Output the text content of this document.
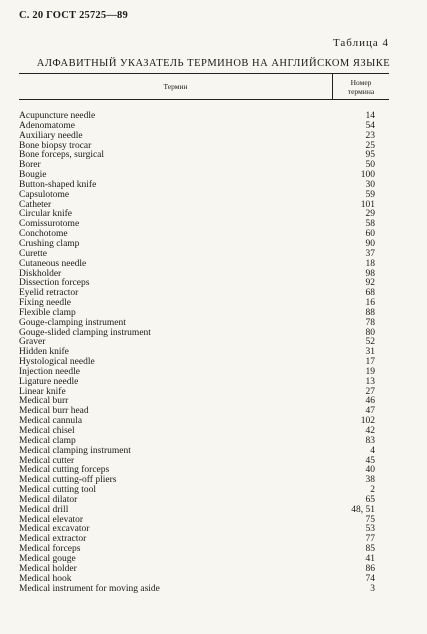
С. 20 ГОСТ 25725—89
Таблица 4
АЛФАВИТНЫЙ УКАЗАТЕЛЬ ТЕРМИНОВ НА АНГЛИЙСКОМ ЯЗЫКЕ
Термин	Номер
термина
Acupuncture needle	14
Adenomatome	54
Auxiliary needle	23
Bone biopsy trocar	25
Bone forceps, surgical	95
Borer	50
Bougie	100
Button-shaped knife	30
Capsulotome	59
Catheter	101
Circular knife	29
Comissurotome	58
Conchotome	60
Crushing clamp	90
Curette	37
Cutaneous needle	18
Diskholder	98
Dissection forceps	92
Eyelid retractor	68
Fixing needle	16
Flexible clamp	88
Gouge-clamping instrument	78
Gouge-slided clamping instrument	80
Graver	52
Hidden knife	31
Hystological needle	17
Injection needle	19
Ligature needle	13
Linear knife	27
Medical burr	46
Medical burr head	47
Medical cannula	102
Medical chisel	42
Medical clamp	83
Medical clamping instrument	4
Medical cutter	45
Medical cutting forceps	40
Medical cutting-off pliers	38
Medical cutting tool	2
Medical dilator	65
Medical drill	48, 51
Medical elevator	75
Medical excavator	53
Medical extractor	77
Medical forceps	85
Medical gouge	41
Medical holder	86
Medical hook	74
Medical instrument for moving aside	3
